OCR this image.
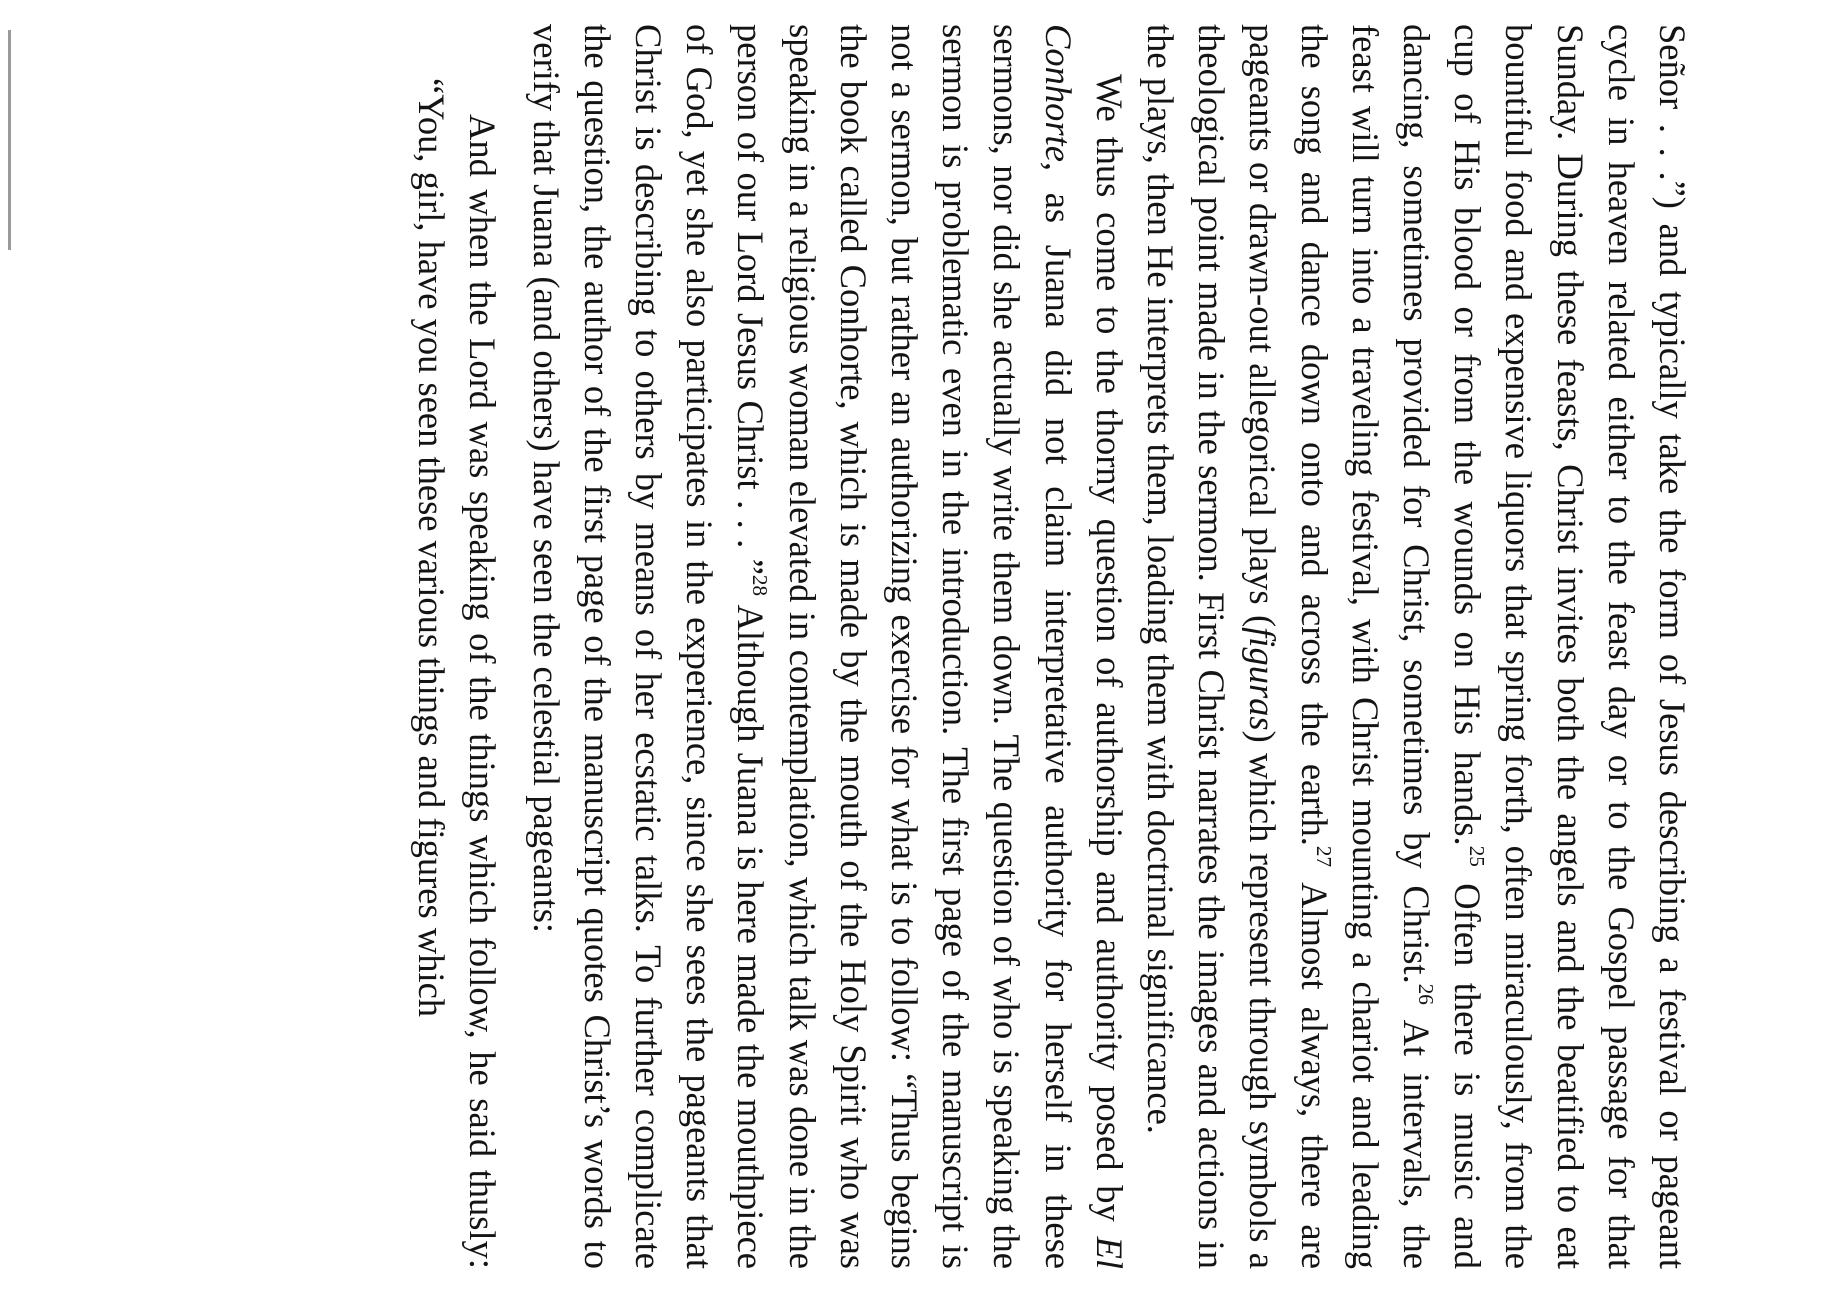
Señor . . .”) and typically take the form of Jesus describing a festival or pageant cycle in heaven related either to the feast day or to the Gospel passage for that Sunday. During these feasts, Christ invites both the angels and the beatified to eat bountiful food and expensive liquors that spring forth, often miraculously, from the cup of His blood or from the wounds on His hands.$^{25}$ Often there is music and dancing, sometimes provided for Christ, sometimes by Christ.$^{26}$ At intervals, the feast will turn into a traveling festival, with Christ mounting a chariot and leading the song and dance down onto and across the earth.$^{27}$ Almost always, there are pageants or drawn-out allegorical plays (figuras) which represent through symbols a theological point made in the sermon. First Christ narrates the images and actions in the plays, then He interprets them, loading them with doctrinal significance.

We thus come to the thorny question of authorship and authority posed by El Conhorte, as Juana did not claim interpretative authority for herself in these sermons, nor did she actually write them down. The question of who is speaking the sermon is problematic even in the introduction. The first page of the manuscript is not a sermon, but rather an authorizing exercise for what is to follow: “Thus begins the book called Conhorte, which is made by the mouth of the Holy Spirit who was speaking in a religious woman elevated in contemplation, which talk was done in the person of our Lord Jesus Christ . . . ”$^{28}$ Although Juana is here made the mouthpiece of God, yet she also participates in the experience, since she sees the pageants that Christ is describing to others by means of her ecstatic talks. To further complicate the question, the author of the first page of the manuscript quotes Christ’s words to verify that Juana (and others) have seen the celestial pageants:

And when the Lord was speaking of the things which follow, he said thusly: “You, girl, have you seen these various things and figures which
